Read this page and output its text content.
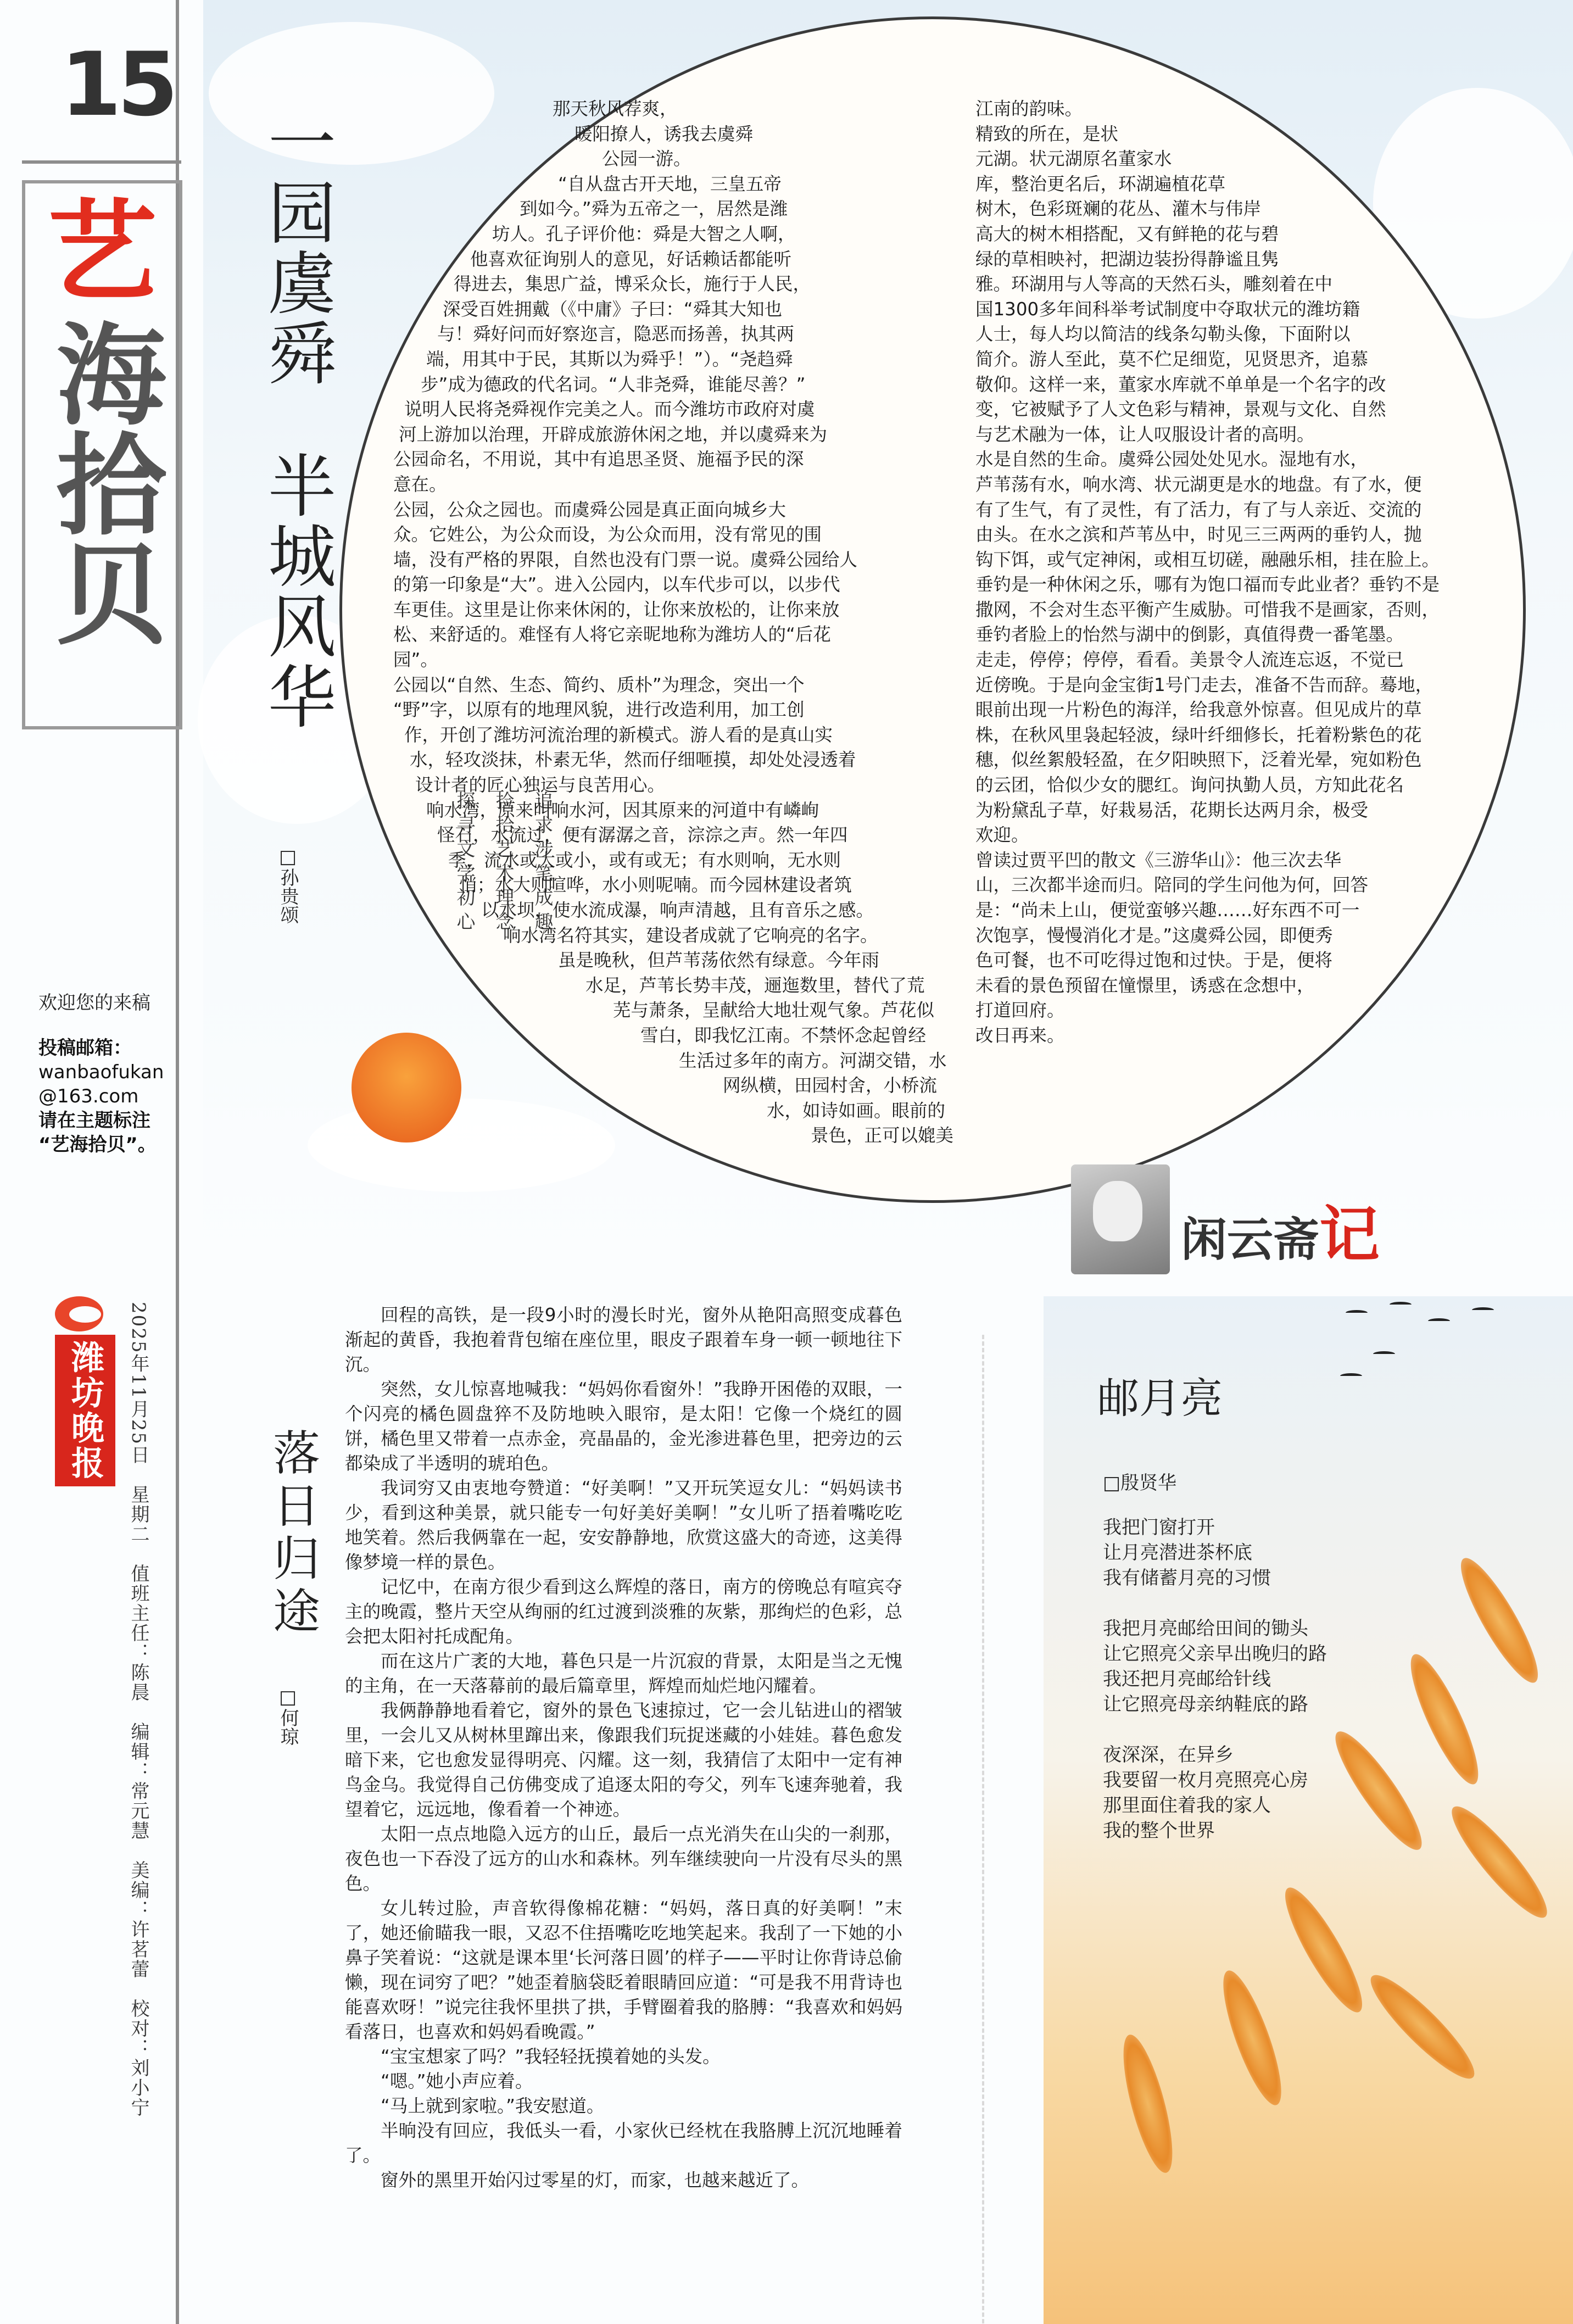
15
艺
海拾贝
追求涉笔成趣
捡拾艺术理念
探寻文学初心
欢迎您的来稿
投稿邮箱：
wanbaofukan
@163.com
请在主题标注
“艺海拾贝”。
潍坊晚报	2025年11月25日
星期二
值班主任：陈晨
编辑：常元慧
美编：许茗蕾
校对：刘小宁
一园虞舜
半城风华
□孙贵颂

那天秋风荐爽，

暖阳撩人，诱我去虞舜

公园一游。

“自从盘古开天地，三皇五帝

到如今。”舜为五帝之一，居然是潍

坊人。孔子评价他：舜是大智之人啊，

他喜欢征询别人的意见，好话赖话都能听

得进去，集思广益，博采众长，施行于人民，

深受百姓拥戴（《中庸》子曰：“舜其大知也

与！舜好问而好察迩言，隐恶而扬善，执其两

端，用其中于民，其斯以为舜乎！”）。“尧趋舜

步”成为德政的代名词。“人非尧舜，谁能尽善？”

说明人民将尧舜视作完美之人。而今潍坊市政府对虞

河上游加以治理，开辟成旅游休闲之地，并以虞舜来为

公园命名，不用说，其中有追思圣贤、施福予民的深

意在。

公园，公众之园也。而虞舜公园是真正面向城乡大

众。它姓公，为公众而设，为公众而用，没有常见的围

墙，没有严格的界限，自然也没有门票一说。虞舜公园给人

的第一印象是“大”。进入公园内，以车代步可以，以步代

车更佳。这里是让你来休闲的，让你来放松的，让你来放

松、来舒适的。难怪有人将它亲昵地称为潍坊人的“后花

园”。

公园以“自然、生态、简约、质朴”为理念，突出一个

“野”字，以原有的地理风貌，进行改造利用，加工创

作，开创了潍坊河流治理的新模式。游人看的是真山实

水，轻攻淡抹，朴素无华，然而仔细咂摸，却处处浸透着

设计者的匠心独运与良苦用心。

响水湾，原来叫响水河，因其原来的河道中有嶙峋

怪石，水流过，便有潺潺之音，淙淙之声。然一年四

季，流水或大或小，或有或无；有水则响，无水则

悄；水大则喧哗，水小则呢喃。而今园林建设者筑

以水坝，使水流成瀑，响声清越，且有音乐之感。

响水湾名符其实，建设者成就了它响亮的名字。

虽是晚秋，但芦苇荡依然有绿意。今年雨

水足，芦苇长势丰茂，逦迤数里，替代了荒

芜与萧条，呈献给大地壮观气象。芦花似

雪白，即我忆江南。不禁怀念起曾经

生活过多年的南方。河湖交错，水

网纵横，田园村舍，小桥流

水，如诗如画。眼前的

景色，正可以媲美

江南的韵味。

精致的所在，是状

元湖。状元湖原名董家水

库，整治更名后，环湖遍植花草

树木，色彩斑斓的花丛、灌木与伟岸

高大的树木相搭配，又有鲜艳的花与碧

绿的草相映衬，把湖边装扮得静谧且隽

雅。环湖用与人等高的天然石头，雕刻着在中

国1300多年间科举考试制度中夺取状元的潍坊籍

人士，每人均以简洁的线条勾勒头像，下面附以

简介。游人至此，莫不伫足细览，见贤思齐，追慕

敬仰。这样一来，董家水库就不单单是一个名字的改

变，它被赋予了人文色彩与精神，景观与文化、自然

与艺术融为一体，让人叹服设计者的高明。

水是自然的生命。虞舜公园处处见水。湿地有水，

芦苇荡有水，响水湾、状元湖更是水的地盘。有了水，便

有了生气，有了灵性，有了活力，有了与人亲近、交流的

由头。在水之滨和芦苇丛中，时见三三两两的垂钓人，抛

钩下饵，或气定神闲，或相互切磋，融融乐相，挂在脸上。

垂钓是一种休闲之乐，哪有为饱口福而专此业者？垂钓不是

撒网，不会对生态平衡产生威胁。可惜我不是画家，否则，

垂钓者脸上的怡然与湖中的倒影，真值得费一番笔墨。

走走，停停；停停，看看。美景令人流连忘返，不觉已

近傍晚。于是向金宝街1号门走去，准备不告而辞。蓦地，

眼前出现一片粉色的海洋，给我意外惊喜。但见成片的草

株，在秋风里袅起轻波，绿叶纤细修长，托着粉紫色的花

穗，似丝絮般轻盈，在夕阳映照下，泛着光晕，宛如粉色

的云团，恰似少女的腮红。询问执勤人员，方知此花名

为粉黛乱子草，好栽易活，花期长达两月余，极受

欢迎。

曾读过贾平凹的散文《三游华山》：他三次去华

山，三次都半途而归。陪同的学生问他为何，回答

是：“尚未上山，便觉蛮够兴趣……好东西不可一

次饱享，慢慢消化才是。”这虞舜公园，即便秀

色可餐，也不可吃得过饱和过快。于是，便将

未看的景色预留在憧憬里，诱惑在念想中，

打道回府。

改日再来。

闲云斋记
落日归途
□何琼

回程的高铁，是一段9小时的漫长时光，窗外从艳阳高照变成暮色渐起的黄昏，我抱着背包缩在座位里，眼皮子跟着车身一顿一顿地往下沉。

突然，女儿惊喜地喊我：“妈妈你看窗外！”我睁开困倦的双眼，一个闪亮的橘色圆盘猝不及防地映入眼帘，是太阳！它像一个烧红的圆饼，橘色里又带着一点赤金，亮晶晶的，金光渗进暮色里，把旁边的云都染成了半透明的琥珀色。

我词穷又由衷地夸赞道：“好美啊！”又开玩笑逗女儿：“妈妈读书少，看到这种美景，就只能专一句好美好美啊！”女儿听了捂着嘴吃吃地笑着。然后我俩靠在一起，安安静静地，欣赏这盛大的奇迹，这美得像梦境一样的景色。

记忆中，在南方很少看到这么辉煌的落日，南方的傍晚总有喧宾夺主的晚霞，整片天空从绚丽的红过渡到淡雅的灰紫，那绚烂的色彩，总会把太阳衬托成配角。

而在这片广袤的大地，暮色只是一片沉寂的背景，太阳是当之无愧的主角，在一天落幕前的最后篇章里，辉煌而灿烂地闪耀着。

我俩静静地看着它，窗外的景色飞速掠过，它一会儿钻进山的褶皱里，一会儿又从树林里蹿出来，像跟我们玩捉迷藏的小娃娃。暮色愈发暗下来，它也愈发显得明亮、闪耀。这一刻，我猜信了太阳中一定有神鸟金乌。我觉得自己仿佛变成了追逐太阳的夸父，列车飞速奔驰着，我望着它，远远地，像看着一个神迹。

太阳一点点地隐入远方的山丘，最后一点光消失在山尖的一刹那，夜色也一下吞没了远方的山水和森林。列车继续驶向一片没有尽头的黑色。

女儿转过脸，声音软得像棉花糖：“妈妈，落日真的好美啊！”末了，她还偷瞄我一眼，又忍不住捂嘴吃吃地笑起来。我刮了一下她的小鼻子笑着说：“这就是课本里‘长河落日圆’的样子——平时让你背诗总偷懒，现在词穷了吧？”她歪着脑袋眨着眼睛回应道：“可是我不用背诗也能喜欢呀！”说完往我怀里拱了拱，手臂圈着我的胳膊：“我喜欢和妈妈看落日，也喜欢和妈妈看晚霞。”

“宝宝想家了吗？”我轻轻抚摸着她的头发。

“嗯。”她小声应着。

“马上就到家啦。”我安慰道。

半晌没有回应，我低头一看，小家伙已经枕在我胳膊上沉沉地睡着了。

窗外的黑里开始闪过零星的灯，而家，也越来越近了。

邮月亮
□殷贤华

我把门窗打开

让月亮潜进茶杯底

我有储蓄月亮的习惯

我把月亮邮给田间的锄头

让它照亮父亲早出晚归的路

我还把月亮邮给针线

让它照亮母亲纳鞋底的路

夜深深，在异乡

我要留一枚月亮照亮心房

那里面住着我的家人

我的整个世界
